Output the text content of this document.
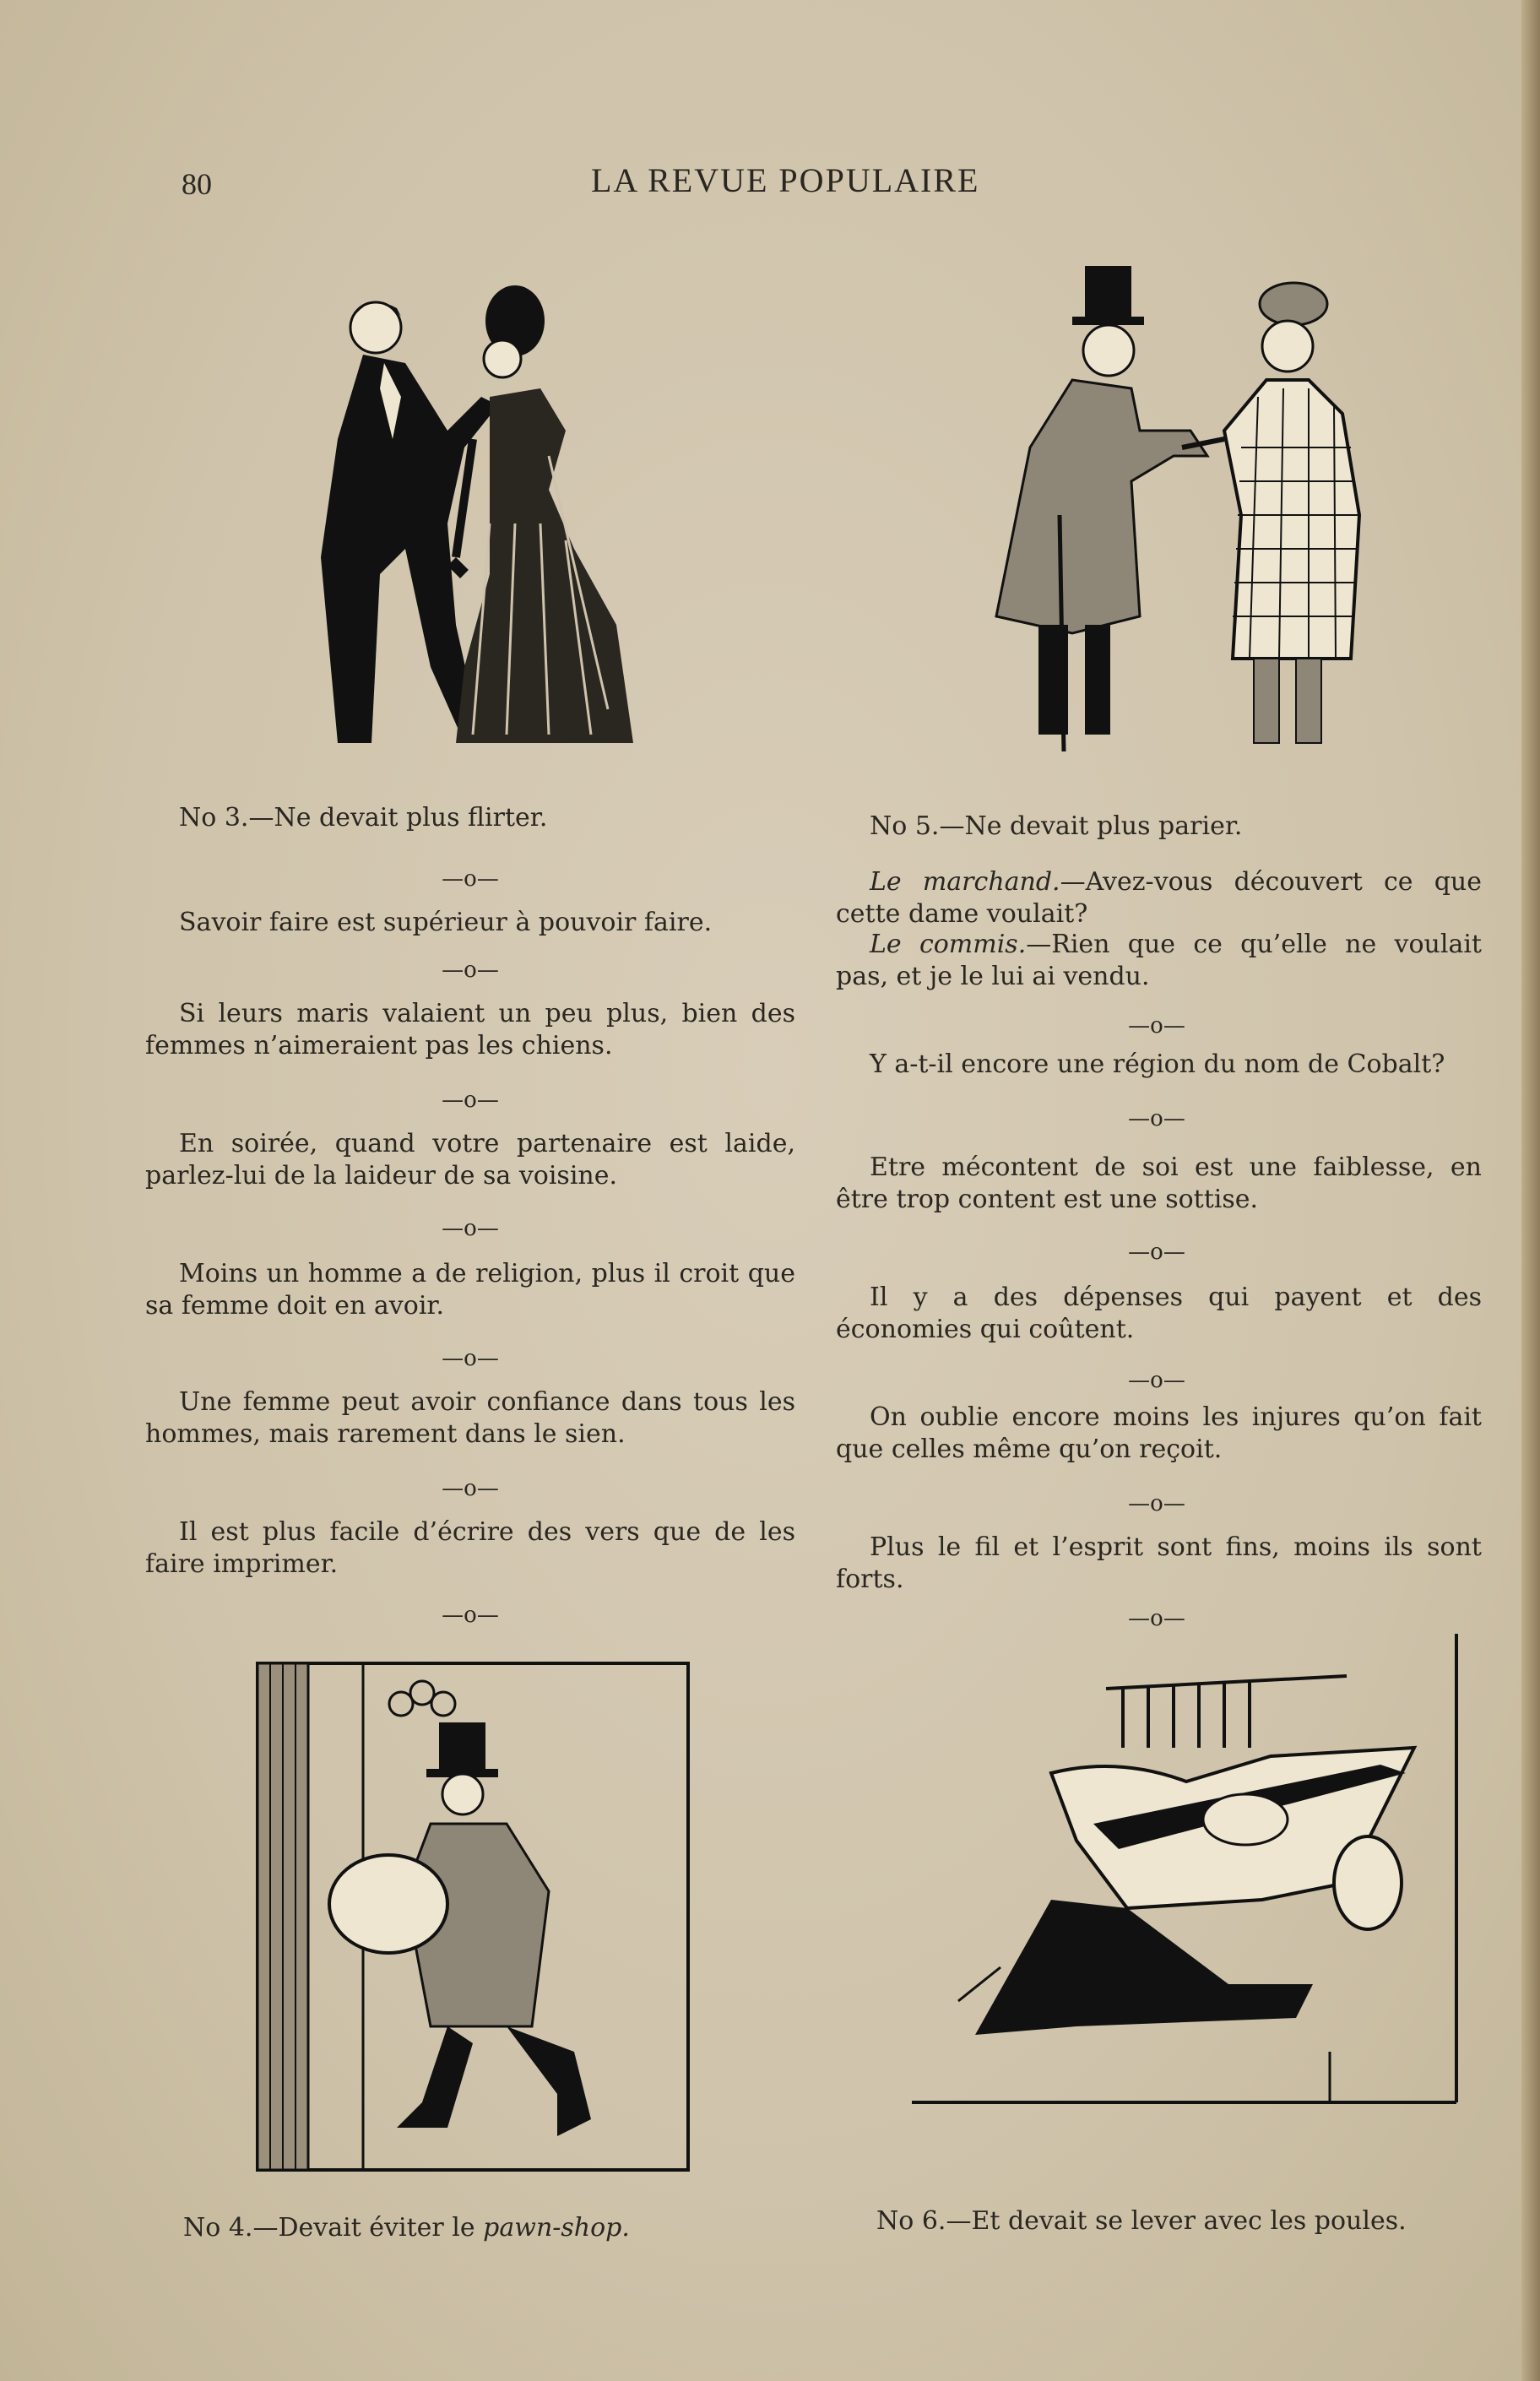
80	LA REVUE POPULAIRE
No 3.—Ne devait plus flirter.
—o—
Savoir faire est supérieur à pouvoir faire.
—o—
Si leurs maris valaient un peu plus, bien des femmes n’aimeraient pas les chiens.
—o—
En soirée, quand votre partenaire est laide, parlez-lui de la laideur de sa voisine.
—o—
Moins un homme a de religion, plus il croit que sa femme doit en avoir.
—o—
Une femme peut avoir confiance dans tous les hommes, mais rarement dans le sien.
—o—
Il est plus facile d’écrire des vers que de les faire imprimer.
—o—
No 4.—Devait éviter le pawn-shop.
No 5.—Ne devait plus parier.
Le marchand.—Avez-vous découvert ce que cette dame voulait?
Le commis.—Rien que ce qu’elle ne voulait pas, et je le lui ai vendu.
—o—
Y a-t-il encore une région du nom de Cobalt?
—o—
Etre mécontent de soi est une faiblesse, en être trop content est une sottise.
—o—
Il y a des dépenses qui payent et des économies qui coûtent.
—o—
On oublie encore moins les injures qu’on fait que celles même qu’on reçoit.
—o—
Plus le fil et l’esprit sont fins, moins ils sont forts.
—o—
No 6.—Et devait se lever avec les poules.
